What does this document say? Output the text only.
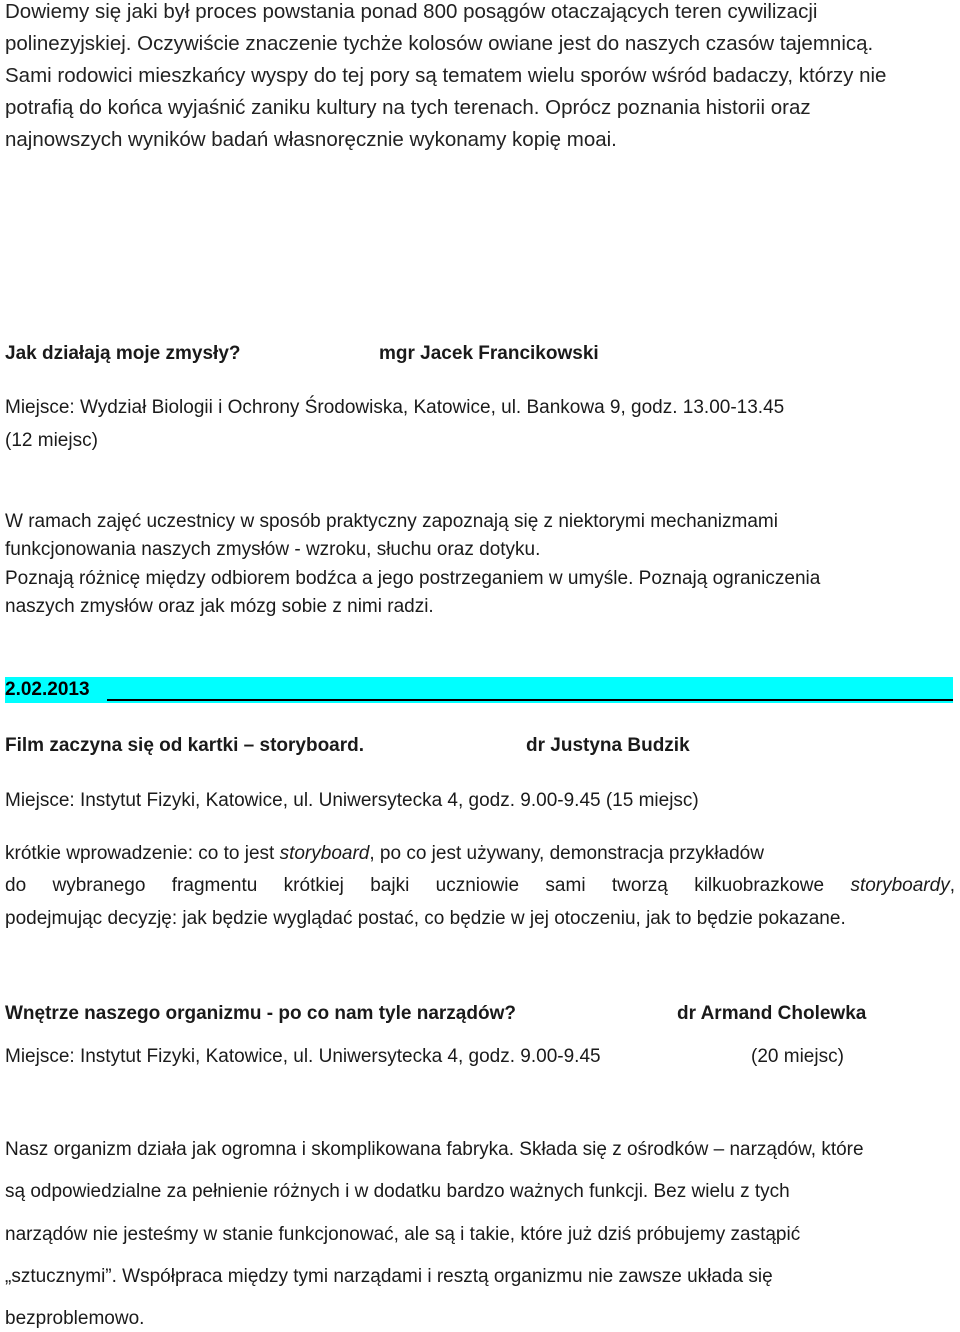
Dowiemy się jaki był proces powstania ponad 800 posągów otaczających teren cywilizacji

polinezyjskiej. Oczywiście znaczenie tychże kolosów owiane jest do naszych czasów tajemnicą.

Sami rodowici mieszkańcy wyspy do tej pory są tematem wielu sporów wśród badaczy, którzy nie

potrafią do końca wyjaśnić zaniku kultury na tych terenach. Oprócz poznania historii oraz

najnowszych wyników badań własnoręcznie wykonamy kopię moai.

Jak działają moje zmysły?	mgr Jacek Francikowski

Miejsce: Wydział Biologii i Ochrony Środowiska, Katowice, ul. Bankowa 9, godz. 13.00-13.45

(12 miejsc)

W ramach zajęć uczestnicy w sposób praktyczny zapoznają się z niektorymi mechanizmami

funkcjonowania naszych zmysłów - wzroku, słuchu oraz dotyku.

Poznają różnicę między odbiorem bodźca a jego postrzeganiem w umyśle. Poznają ograniczenia

naszych zmysłów oraz jak mózg sobie z nimi radzi.

2.02.2013

Film zaczyna się od kartki – storyboard.	dr Justyna Budzik

Miejsce: Instytut Fizyki, Katowice, ul. Uniwersytecka 4, godz. 9.00-9.45 (15 miejsc)

krótkie wprowadzenie: co to jest storyboard, po co jest używany, demonstracja przykładów

do wybranego fragmentu krótkiej bajki uczniowie sami tworzą kilkuobrazkowe storyboardy,

podejmując decyzję: jak będzie wyglądać postać, co będzie w jej otoczeniu, jak to będzie pokazane.

Wnętrze naszego organizmu - po co nam tyle narządów?	dr Armand Cholewka

Miejsce: Instytut Fizyki, Katowice, ul. Uniwersytecka 4, godz. 9.00-9.45	(20 miejsc)

Nasz organizm działa jak ogromna i skomplikowana fabryka. Składa się z ośrodków – narządów, które

są odpowiedzialne za pełnienie różnych i w dodatku bardzo ważnych funkcji. Bez wielu z tych

narządów nie jesteśmy w stanie funkcjonować, ale są i takie, które już dziś próbujemy zastąpić

„sztucznymi”. Współpraca między tymi narządami i resztą organizmu nie zawsze układa się

bezproblemowo.
